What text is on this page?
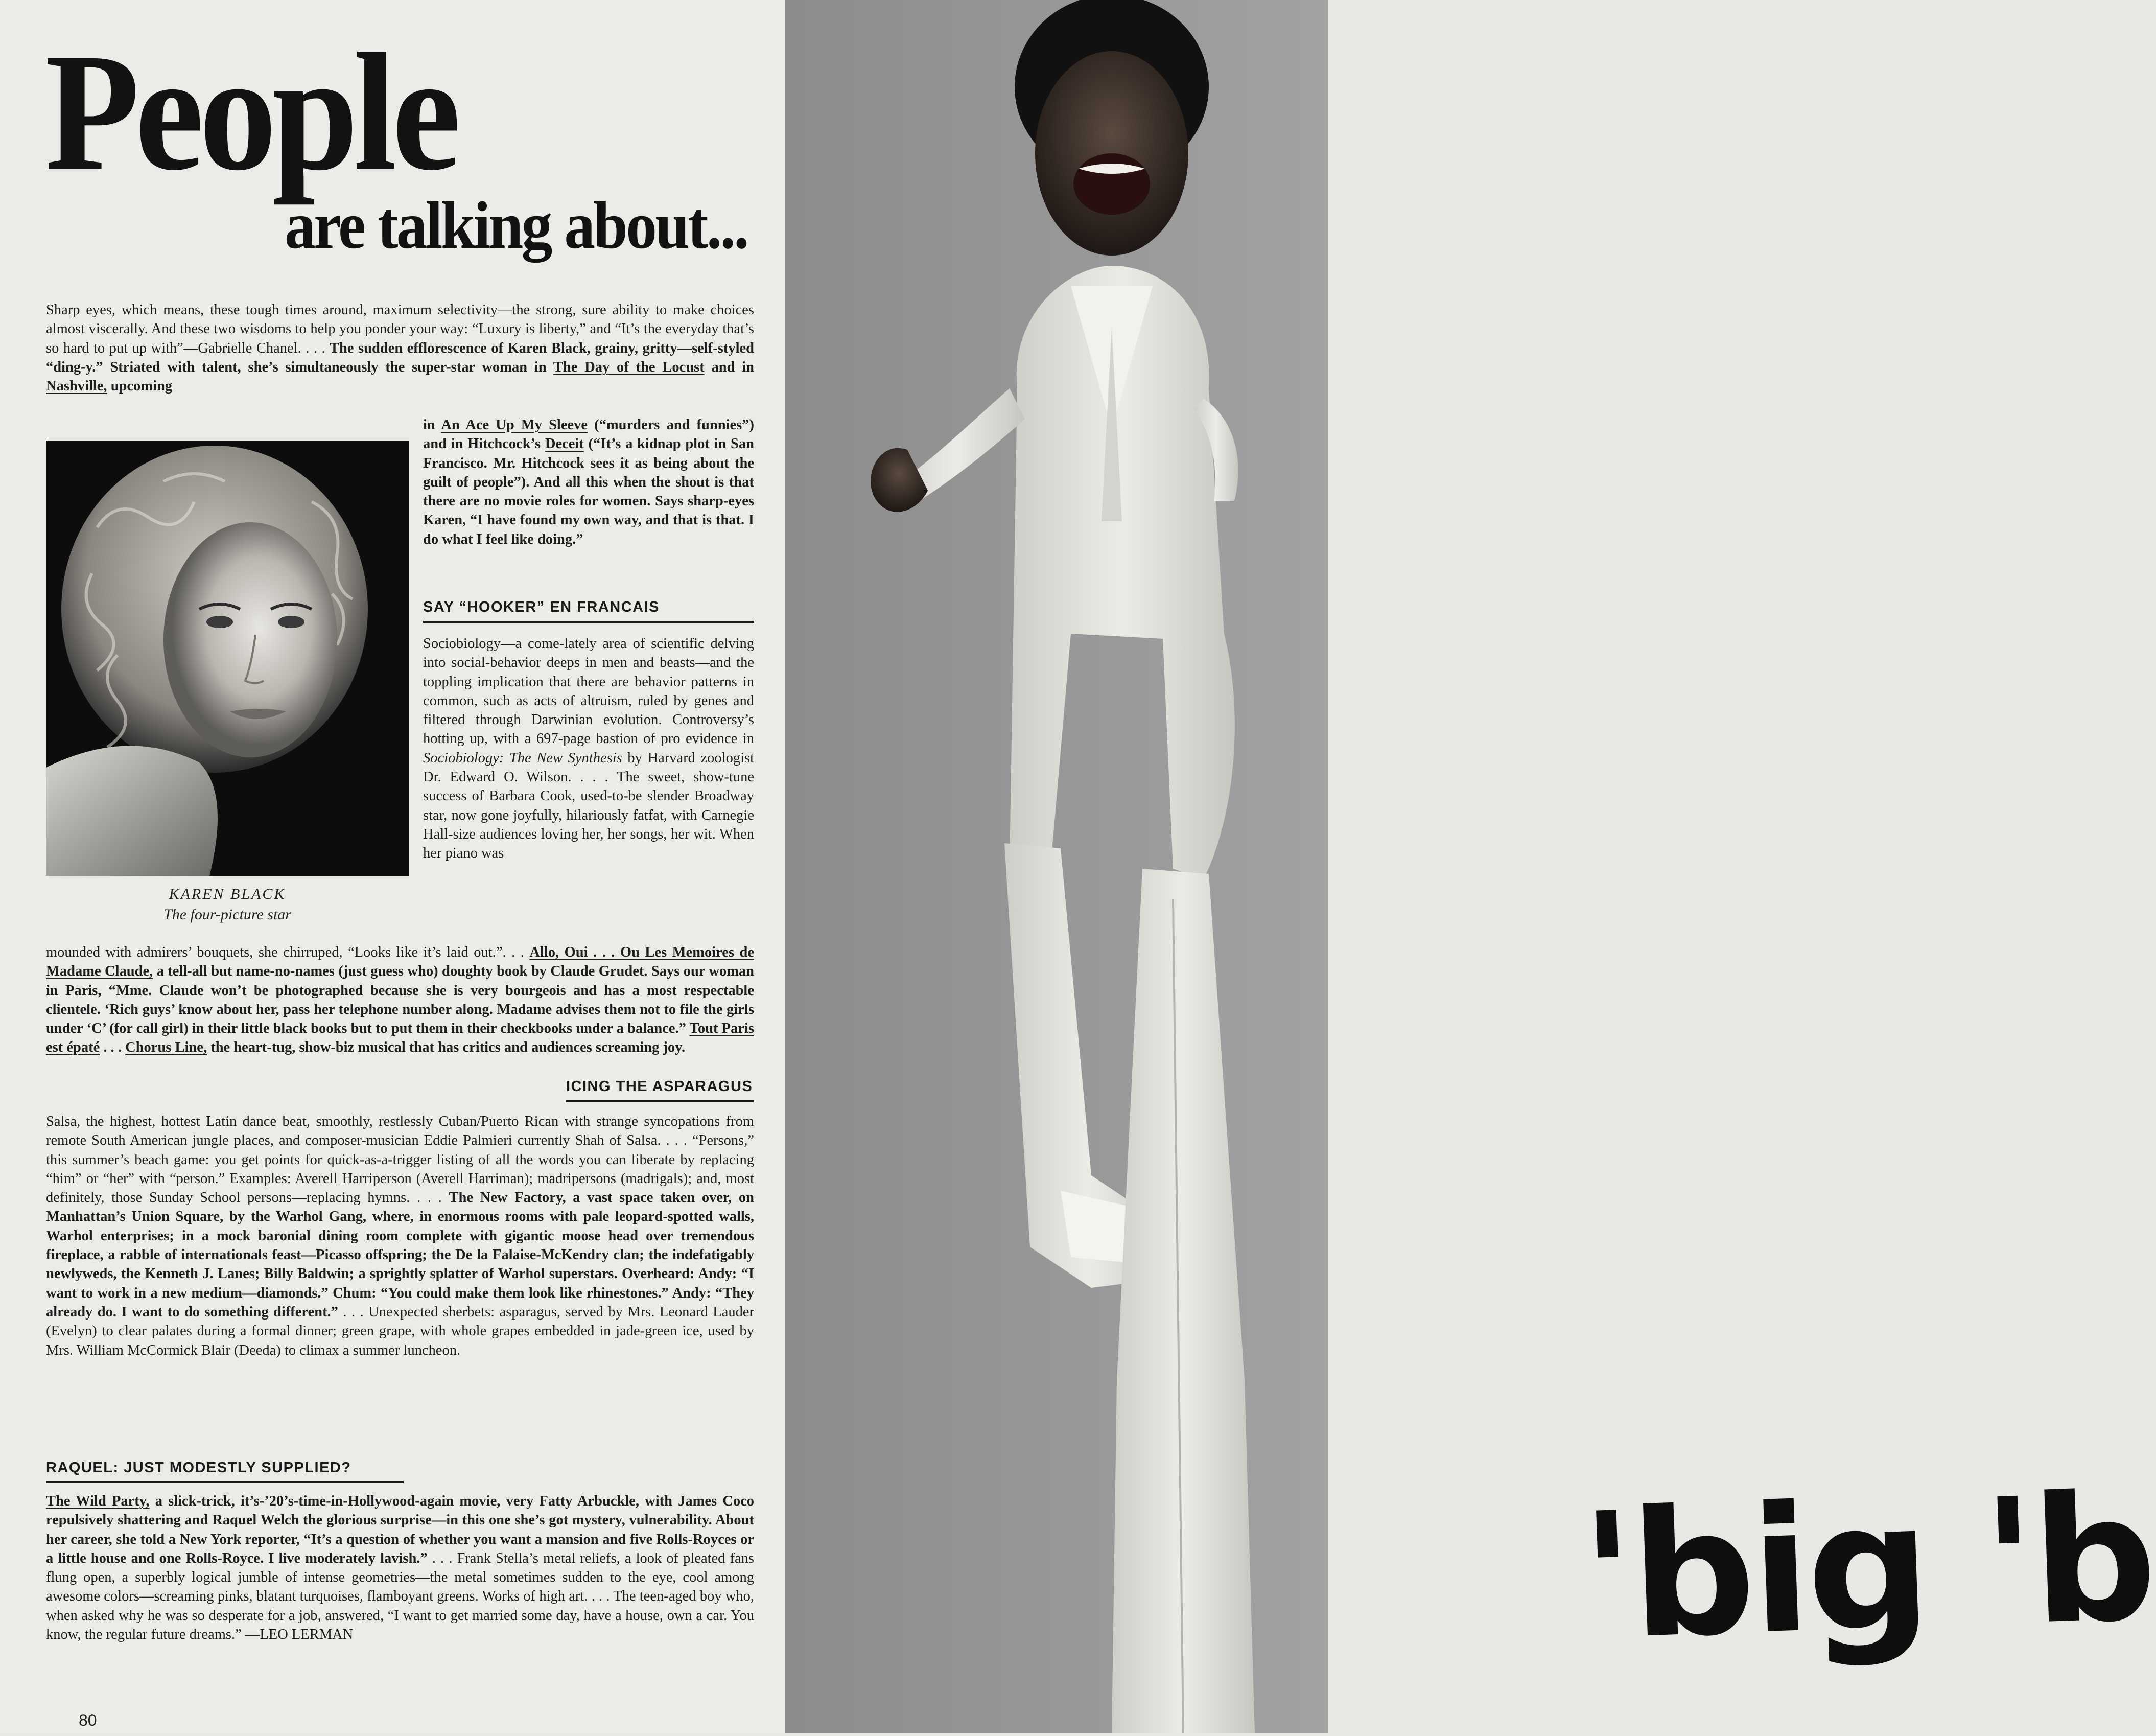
People
are talking about...

Sharp eyes, which means, these tough times around, maximum selectivity—the strong, sure ability to make choices almost viscerally. And these two wisdoms to help you ponder your way: “Luxury is liberty,” and “It’s the everyday that’s so hard to put up with”—Gabrielle Chanel. . . . The sudden efflorescence of Karen Black, grainy, gritty—self-styled “ding-y.” Striated with talent, she’s simultaneously the super-star woman in The Day of the Locust and in Nashville, upcoming

in An Ace Up My Sleeve (“murders and funnies”) and in Hitchcock’s Deceit (“It’s a kidnap plot in San Francisco. Mr. Hitchcock sees it as being about the guilt of people”). And all this when the shout is that there are no movie roles for women. Says sharp-eyes Karen, “I have found my own way, and that is that. I do what I feel like doing.”

KAREN BLACK
The four-picture star
SAY “HOOKER” EN FRANCAIS

Sociobiology—a come-lately area of scientific delving into social-behavior deeps in men and beasts—and the toppling implication that there are behavior patterns in common, such as acts of altruism, ruled by genes and filtered through Darwinian evolution. Controversy’s hotting up, with a 697-page bastion of pro evidence in Sociobiology: The New Synthesis by Harvard zoologist Dr. Edward O. Wilson. . . . The sweet, show-tune success of Barbara Cook, used-to-be slender Broadway star, now gone joyfully, hilariously fatfat, with Carnegie Hall-size audiences loving her, her songs, her wit. When her piano was

mounded with admirers’ bouquets, she chirruped, “Looks like it’s laid out.”. . . Allo, Oui . . . Ou Les Memoires de Madame Claude, a tell-all but name-no-names (just guess who) doughty book by Claude Grudet. Says our woman in Paris, “Mme. Claude won’t be photographed because she is very bourgeois and has a most respectable clientele. ‘Rich guys’ know about her, pass her telephone number along. Madame advises them not to file the girls under ‘C’ (for call girl) in their little black books but to put them in their checkbooks under a balance.” Tout Paris est épaté . . . Chorus Line, the heart-tug, show-biz musical that has critics and audiences screaming joy.

ICING THE ASPARAGUS

Salsa, the highest, hottest Latin dance beat, smoothly, restlessly Cuban/Puerto Rican with strange syncopations from remote South American jungle places, and composer-musician Eddie Palmieri currently Shah of Salsa. . . . “Persons,” this summer’s beach game: you get points for quick-as-a-trigger listing of all the words you can liberate by replacing “him” or “her” with “person.” Examples: Averell Harriperson (Averell Harriman); madripersons (madrigals); and, most definitely, those Sunday School persons—replacing hymns. . . . The New Factory, a vast space taken over, on Manhattan’s Union Square, by the Warhol Gang, where, in enormous rooms with pale leopard-spotted walls, Warhol enterprises; in a mock baronial dining room complete with gigantic moose head over tremendous fireplace, a rabble of internationals feast—Picasso offspring; the De la Falaise-McKendry clan; the indefatigably newlyweds, the Kenneth J. Lanes; Billy Baldwin; a sprightly splatter of Warhol superstars. Overheard: Andy: “I want to work in a new medium—diamonds.” Chum: “You could make them look like rhinestones.” Andy: “They already do. I want to do something different.” . . . Unexpected sherbets: asparagus, served by Mrs. Leonard Lauder (Evelyn) to clear palates during a formal dinner; green grape, with whole grapes embedded in jade-green ice, used by Mrs. William McCormick Blair (Deeda) to climax a summer luncheon.

RAQUEL: JUST MODESTLY SUPPLIED?

The Wild Party, a slick-trick, it’s-’20’s-time-in-Hollywood-again movie, very Fatty Arbuckle, with James Coco repulsively shattering and Raquel Welch the glorious surprise—in this one she’s got mystery, vulnerability. About her career, she told a New York reporter, “It’s a question of whether you want a mansion and five Rolls-Royces or a little house and one Rolls-Royce. I live moderately lavish.” . . . Frank Stella’s metal reliefs, a look of pleated fans flung open, a superbly logical jumble of intense geometries—the metal sometimes sudden to the eye, cool among awesome colors—screaming pinks, blatant turquoises, flamboyant greens. Works of high art. . . . The teen-aged boy who, when asked why he was so desperate for a job, answered, “I want to get married some day, have a house, own a car. You know, the regular future dreams.” —LEO LERMAN

80
'big 'b
